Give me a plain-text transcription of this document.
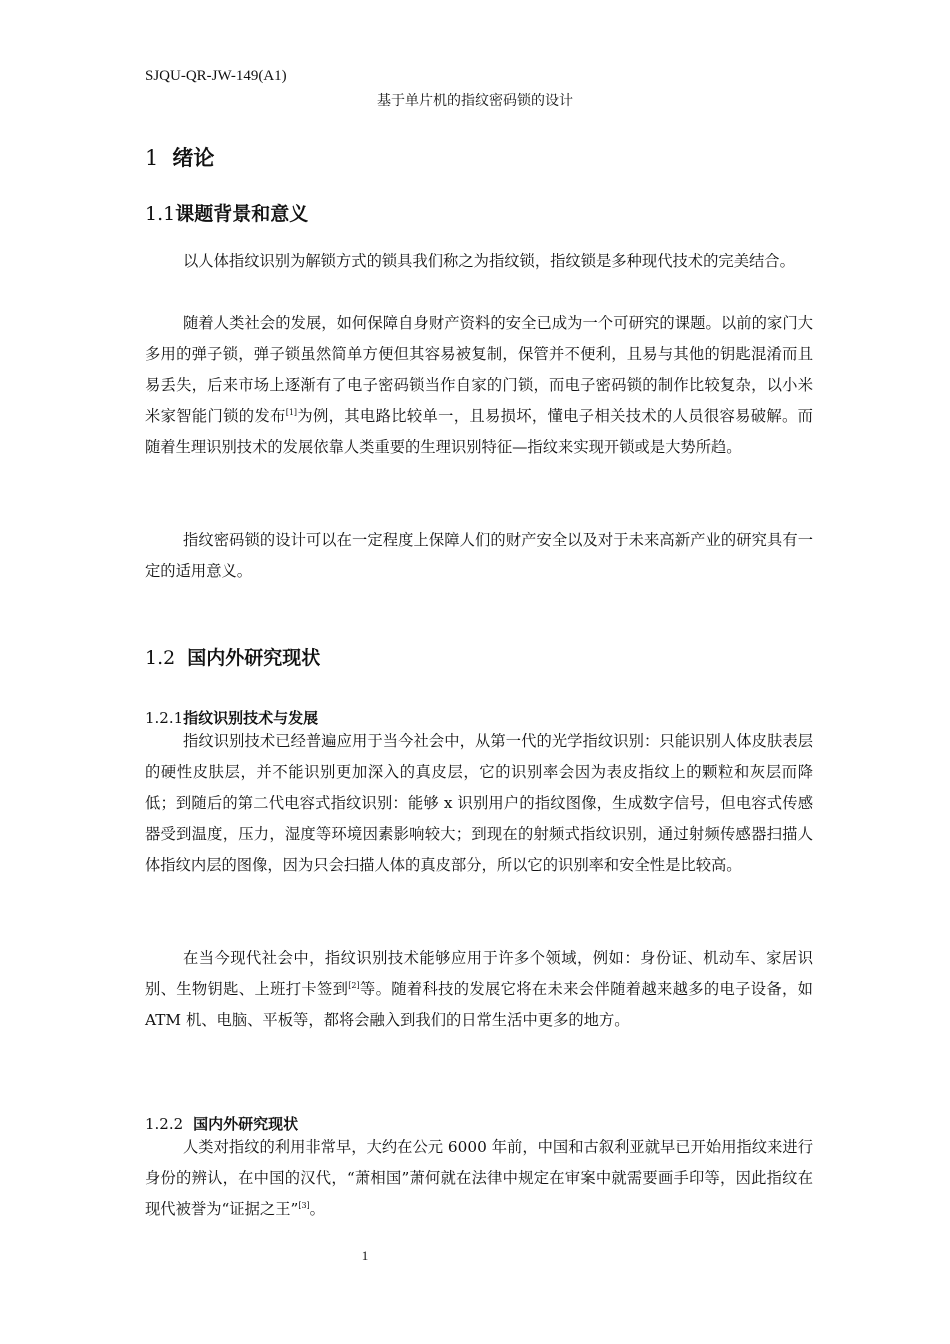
SJQU-QR-JW-149(A1)
基于单片机的指纹密码锁的设计
1 绪论
1.1课题背景和意义

以人体指纹识别为解锁方式的锁具我们称之为指纹锁，指纹锁是多种现代技术的完美结合。

随着人类社会的发展，如何保障自身财产资料的安全已成为一个可研究的课题。以前的家门大多用的弹子锁，弹子锁虽然简单方便但其容易被复制，保管并不便利，且易与其他的钥匙混淆而且易丢失，后来市场上逐渐有了电子密码锁当作自家的门锁，而电子密码锁的制作比较复杂，以小米米家智能门锁的发布[1]为例，其电路比较单一，且易损坏，懂电子相关技术的人员很容易破解。而随着生理识别技术的发展依靠人类重要的生理识别特征—指纹来实现开锁或是大势所趋。

指纹密码锁的设计可以在一定程度上保障人们的财产安全以及对于未来高新产业的研究具有一定的适用意义。

1.2 国内外研究现状
1.2.1指纹识别技术与发展

指纹识别技术已经普遍应用于当今社会中，从第一代的光学指纹识别：只能识别人体皮肤表层的硬性皮肤层，并不能识别更加深入的真皮层，它的识别率会因为表皮指纹上的颗粒和灰层而降低；到随后的第二代电容式指纹识别：能够 x 识别用户的指纹图像，生成数字信号，但电容式传感器受到温度，压力，湿度等环境因素影响较大；到现在的射频式指纹识别，通过射频传感器扫描人体指纹内层的图像，因为只会扫描人体的真皮部分，所以它的识别率和安全性是比较高。

在当今现代社会中，指纹识别技术能够应用于许多个领域，例如：身份证、机动车、家居识别、生物钥匙、上班打卡签到[2]等。随着科技的发展它将在未来会伴随着越来越多的电子设备，如 ATM 机、电脑、平板等，都将会融入到我们的日常生活中更多的地方。

1.2.2 国内外研究现状

人类对指纹的利用非常早，大约在公元 6000 年前，中国和古叙利亚就早已开始用指纹来进行身份的辨认，在中国的汉代，“萧相国”萧何就在法律中规定在审案中就需要画手印等，因此指纹在现代被誉为“证据之王”[3]。

1
